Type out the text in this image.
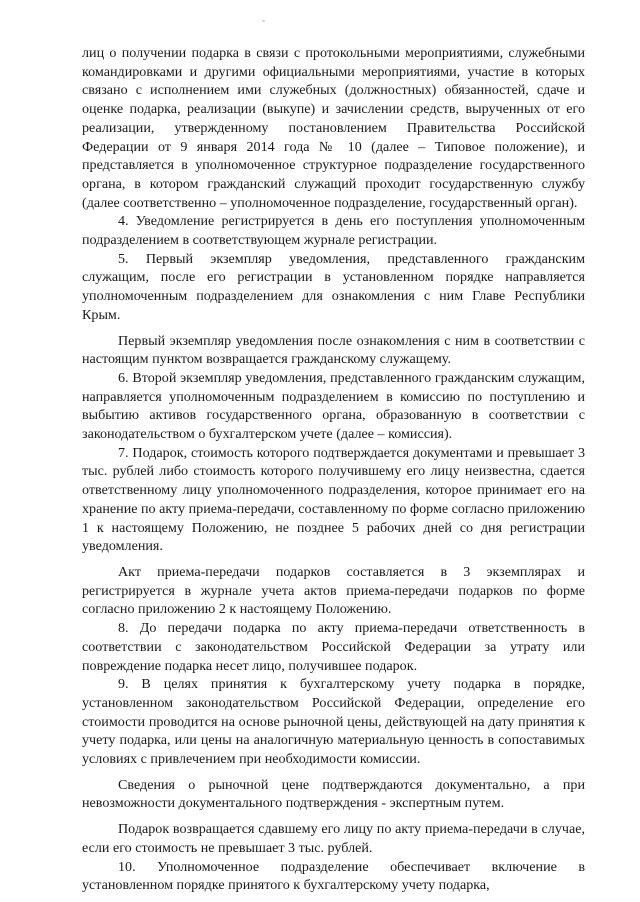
лиц о получении подарка в связи с протокольными мероприятиями, служебными командировками и другими официальными мероприятиями, участие в которых связано с исполнением ими служебных (должностных) обязанностей, сдаче и оценке подарка, реализации (выкупе) и зачислении средств, вырученных от его реализации, утвержденному постановлением Правительства Российской Федерации от 9 января 2014 года № 10 (далее – Типовое положение), и представляется в уполномоченное структурное подразделение государственного органа, в котором гражданский служащий проходит государственную службу (далее соответственно – уполномоченное подразделение, государственный орган).

4. Уведомление регистрируется в день его поступления уполномоченным подразделением в соответствующем журнале регистрации.

5. Первый экземпляр уведомления, представленного гражданским служащим, после его регистрации в установленном порядке направляется уполномоченным подразделением для ознакомления с ним Главе Республики Крым.

Первый экземпляр уведомления после ознакомления с ним в соответствии с настоящим пунктом возвращается гражданскому служащему.

6. Второй экземпляр уведомления, представленного гражданским служащим, направляется уполномоченным подразделением в комиссию по поступлению и выбытию активов государственного органа, образованную в соответствии с законодательством о бухгалтерском учете (далее – комиссия).

7. Подарок, стоимость которого подтверждается документами и превышает 3 тыс. рублей либо стоимость которого получившему его лицу неизвестна, сдается ответственному лицу уполномоченного подразделения, которое принимает его на хранение по акту приема-передачи, составленному по форме согласно приложению 1 к настоящему Положению, не позднее 5 рабочих дней со дня регистрации уведомления.

Акт приема-передачи подарков составляется в 3 экземплярах и регистрируется в журнале учета актов приема-передачи подарков по форме согласно приложению 2 к настоящему Положению.

8. До передачи подарка по акту приема-передачи ответственность в соответствии с законодательством Российской Федерации за утрату или повреждение подарка несет лицо, получившее подарок.

9. В целях принятия к бухгалтерскому учету подарка в порядке, установленном законодательством Российской Федерации, определение его стоимости проводится на основе рыночной цены, действующей на дату принятия к учету подарка, или цены на аналогичную материальную ценность в сопоставимых условиях с привлечением при необходимости комиссии.

Сведения о рыночной цене подтверждаются документально, а при невозможности документального подтверждения - экспертным путем.

Подарок возвращается сдавшему его лицу по акту приема-передачи в случае, если его стоимость не превышает 3 тыс. рублей.

10. Уполномоченное подразделение обеспечивает включение в установленном порядке принятого к бухгалтерскому учету подарка,
